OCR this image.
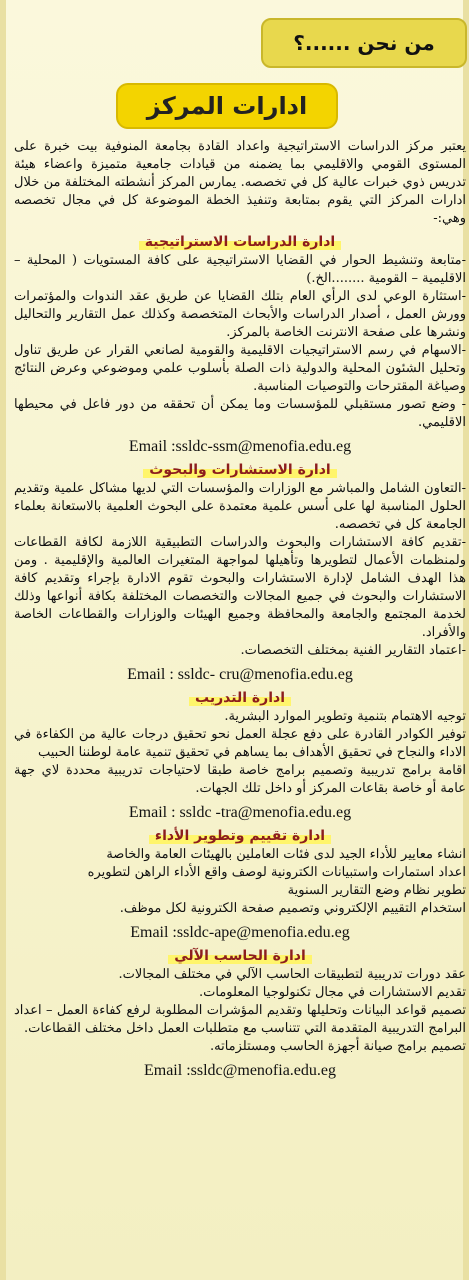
من نحن ......؟
ادارات المركز

يعتبر مركز الدراسات الاستراتيجية واعداد القادة بجامعة المنوفية بيت خبرة على المستوى القومي والاقليمي بما يضمنه من قيادات جامعية متميزة واعضاء هيئة تدريس ذوي خبرات عالية كل في تخصصه. يمارس المركز أنشطته المختلفة من خلال ادارات المركز التي يقوم بمتابعة وتنفيذ الخطة الموضوعة كل في مجال تخصصه وهي:-

ادارة الدراسات الاستراتيجية

-متابعة وتنشيط الحوار في القضايا الاستراتيجية على كافة المستويات ( المحلية – الاقليمية – القومية ........الخ.)

-استثارة الوعي لدى الرأي العام بتلك القضايا عن طريق عقد الندوات والمؤتمرات وورش العمل ، أصدار الدراسات والأبحاث المتخصصة وكذلك عمل التقارير والتحاليل ونشرها على صفحة الانترنت الخاصة بالمركز.

-الاسهام في رسم الاستراتيجيات الاقليمية والقومية لصانعي القرار عن طريق تناول وتحليل الشئون المحلية والدولية ذات الصلة بأسلوب علمي وموضوعي وعرض النتائج وصياغة المقترحات والتوصيات المناسبة.

- وضع تصور مستقبلي للمؤسسات وما يمكن أن تحققه من دور فاعل في محيطها الاقليمي.

Email :ssldc-ssm@menofia.edu.eg
ادارة الاستشارات والبحوث

-التعاون الشامل والمباشر مع الوزارات والمؤسسات التي لديها مشاكل علمية وتقديم الحلول المناسبة لها على أسس علمية معتمدة على البحوث العلمية بالاستعانة بعلماء الجامعة كل في تخصصه.

-تقديم كافة الاستشارات والبحوث والدراسات التطبيقية اللازمة لكافة القطاعات ولمنظمات الأعمال لتطويرها وتأهيلها لمواجهة المتغيرات العالمية والإقليمية . ومن هذا الهدف الشامل لإدارة الاستشارات والبحوث تقوم الادارة بإجراء وتقديم كافة الاستشارات والبحوث في جميع المجالات والتخصصات المختلفة بكافة أنواعها وذلك لخدمة المجتمع والجامعة والمحافظة وجميع الهيئات والوزارات والقطاعات الخاصة والأفراد.

-اعتماد التقارير الفنية بمختلف التخصصات.

Email : ssldc- cru@menofia.edu.eg
ادارة التدريب

توجيه الاهتمام بتنمية وتطوير الموارد البشرية.

توفير الكوادر القادرة على دفع عجلة العمل نحو تحقيق درجات عالية من الكفاءة في الاداء والنجاح في تحقيق الأهداف بما يساهم في تحقيق تنمية عامة لوطننا الحبيب

اقامة برامج تدريبية وتصميم برامج خاصة طبقا لاحتياجات تدريبية محددة لاي جهة عامة أو خاصة بقاعات المركز أو داخل تلك الجهات.

Email : ssldc -tra@menofia.edu.eg
ادارة تقييم وتطوير الأداء

انشاء معايير للأداء الجيد لدى فئات العاملين بالهيئات العامة والخاصة

اعداد استمارات واستبيانات الكترونية لوصف واقع الأداء الراهن لتطويره

تطوير نظام وضع التقارير السنوية

استخدام التقييم الإلكتروني وتصميم صفحة الكترونية لكل موظف.

Email :ssldc-ape@menofia.edu.eg
ادارة الحاسب الآلي

عقد دورات تدريبية لتطبيقات الحاسب الآلي في مختلف المجالات.

تقديم الاستشارات في مجال تكنولوجيا المعلومات.

تصميم قواعد البيانات وتحليلها وتقديم المؤشرات المطلوبة لرفع كفاءة العمل – اعداد البرامج التدريبية المتقدمة التي تتناسب مع متطلبات العمل داخل مختلف القطاعات.

تصميم برامج صيانة أجهزة الحاسب ومستلزماته.

Email :ssldc@menofia.edu.eg
